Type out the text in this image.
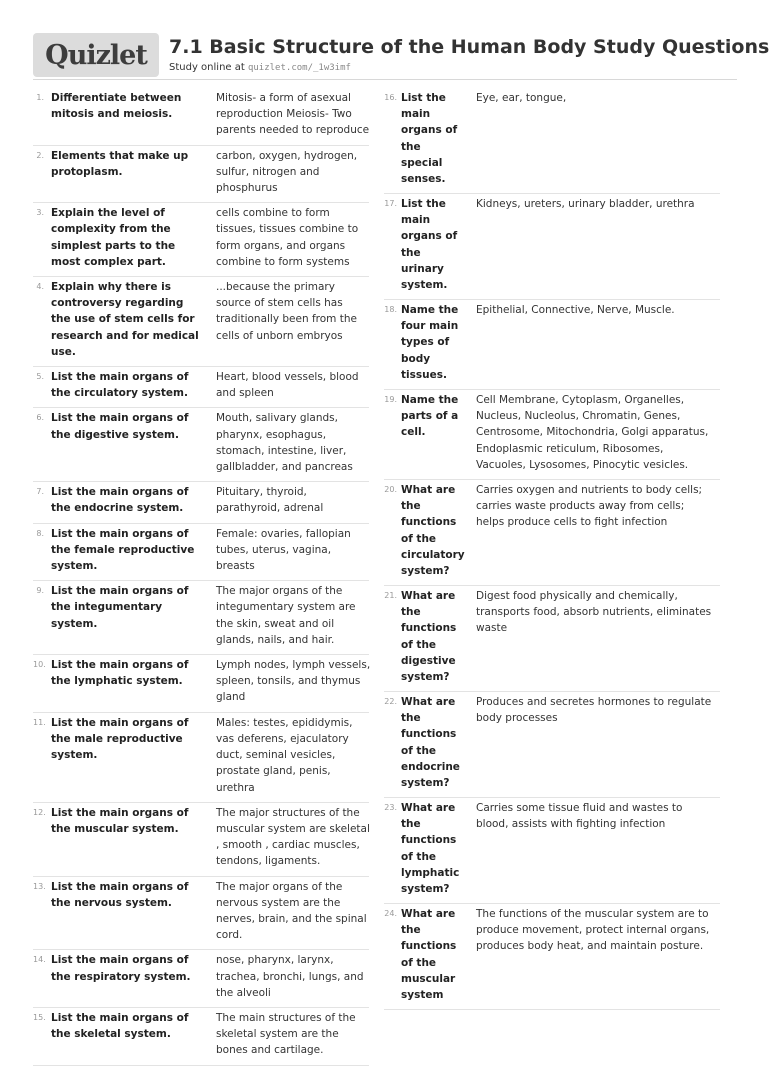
Quizlet 7.1 Basic Structure of the Human Body Study Questions
Study online at quizlet.com/_1w3imf
1. Differentiate between mitosis and meiosis.
Mitosis- a form of asexual reproduction Meiosis- Two parents needed to reproduce
2. Elements that make up protoplasm.
carbon, oxygen, hydrogen, sulfur, nitrogen and phosphurus
3. Explain the level of complexity from the simplest parts to the most complex part.
cells combine to form tissues, tissues combine to form organs, and organs combine to form systems
4. Explain why there is controversy regarding the use of stem cells for research and for medical use.
...because the primary source of stem cells has traditionally been from the cells of unborn embryos
5. List the main organs of the circulatory system.
Heart, blood vessels, blood and spleen
6. List the main organs of the digestive system.
Mouth, salivary glands, pharynx, esophagus, stomach, intestine, liver, gallbladder, and pancreas
7. List the main organs of the endocrine system.
Pituitary, thyroid, parathyroid, adrenal
8. List the main organs of the female reproductive system.
Female: ovaries, fallopian tubes, uterus, vagina, breasts
9. List the main organs of the integumentary system.
The major organs of the integumentary system are the skin, sweat and oil glands, nails, and hair.
10. List the main organs of the lymphatic system.
Lymph nodes, lymph vessels, spleen, tonsils, and thymus gland
11. List the main organs of the male reproductive system.
Males: testes, epididymis, vas deferens, ejaculatory duct, seminal vesicles, prostate gland, penis, urethra
12. List the main organs of the muscular system.
The major structures of the muscular system are skeletal , smooth , cardiac muscles, tendons, ligaments.
13. List the main organs of the nervous system.
The major organs of the nervous system are the nerves, brain, and the spinal cord.
14. List the main organs of the respiratory system.
nose, pharynx, larynx, trachea, bronchi, lungs, and the alveoli
15. List the main organs of the skeletal system.
The main structures of the skeletal system are the bones and cartilage.
16. List the main organs of the special senses.
Eye, ear, tongue,
17. List the main organs of the urinary system.
Kidneys, ureters, urinary bladder, urethra
18. Name the four main types of body tissues.
Epithelial, Connective, Nerve, Muscle.
19. Name the parts of a cell.
Cell Membrane, Cytoplasm, Organelles, Nucleus, Nucleolus, Chromatin, Genes, Centrosome, Mitochondria, Golgi apparatus, Endoplasmic reticulum, Ribosomes, Vacuoles, Lysosomes, Pinocytic vesicles.
20. What are the functions of the circulatory system?
Carries oxygen and nutrients to body cells; carries waste products away from cells; helps produce cells to fight infection
21. What are the functions of the digestive system?
Digest food physically and chemically, transports food, absorb nutrients, eliminates waste
22. What are the functions of the endocrine system?
Produces and secretes hormones to regulate body processes
23. What are the functions of the lymphatic system?
Carries some tissue fluid and wastes to blood, assists with fighting infection
24. What are the functions of the muscular system
The functions of the muscular system are to produce movement, protect internal organs, produces body heat, and maintain posture.
